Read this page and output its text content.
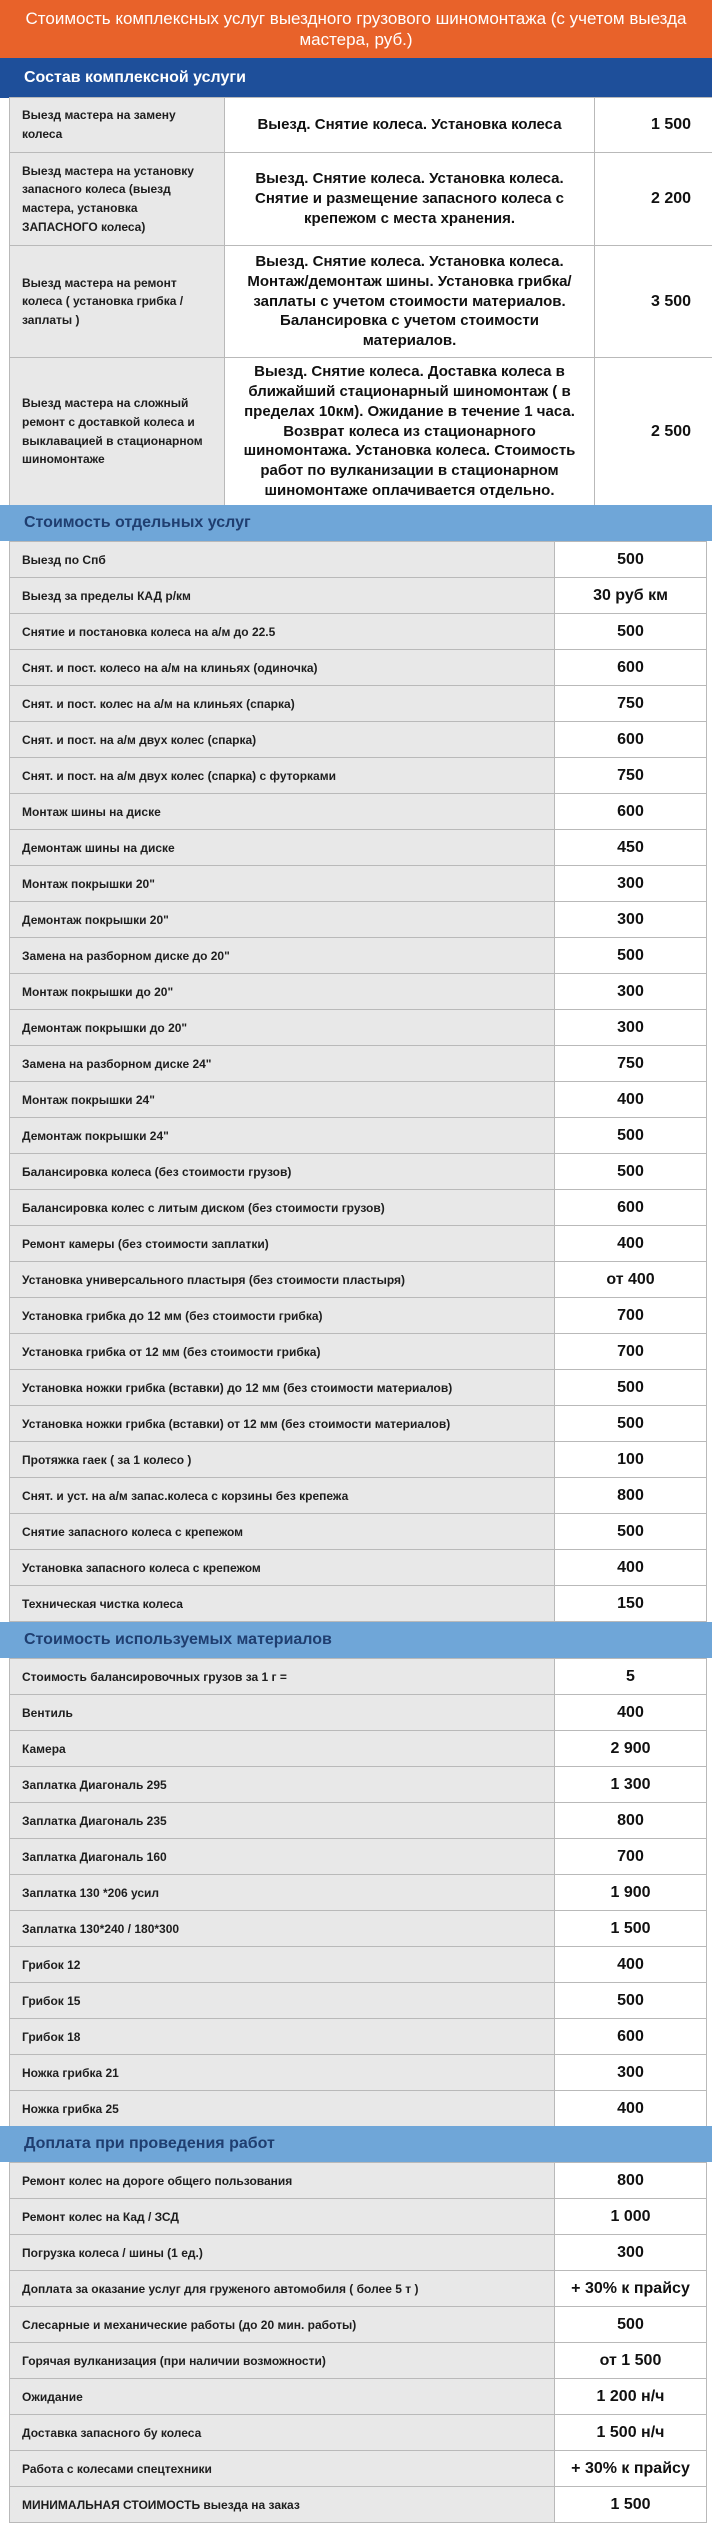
Стоимость комплексных услуг выездного грузового шиномонтажа (с учетом выезда мастера, руб.)
Состав комплексной услуги
Выезд мастера на замену колеса	Выезд. Снятие колеса. Установка колеса	1 500
Выезд мастера на установку запасного колеса (выезд мастера, установка ЗАПАСНОГО колеса)	Выезд. Снятие колеса. Установка колеса. Снятие и размещение запасного колеса с крепежом с места хранения.	2 200
Выезд мастера на ремонт колеса ( установка грибка / заплаты )	Выезд. Снятие колеса. Установка колеса. Монтаж/демонтаж шины. Установка грибка/ заплаты с учетом стоимости материалов. Балансировка с учетом стоимости материалов.	3 500
Выезд мастера на сложный ремонт с доставкой колеса и выклавацией в стационарном шиномонтаже	Выезд. Снятие колеса. Доставка колеса в ближайший стационарный шиномонтаж ( в пределах 10км). Ожидание в течение 1 часа. Возврат колеса из стационарного шиномонтажа. Установка колеса. Стоимость работ по вулканизации в стационарном шиномонтаже оплачивается отдельно.	2 500
Стоимость отдельных услуг
Выезд по Спб	500
Выезд за пределы КАД р/км	30 руб км
Снятие и постановка колеса на а/м до 22.5	500
Снят. и пост. колесо на а/м на клиньях (одиночка)	600
Снят. и пост. колес на а/м на клиньях (спарка)	750
Снят. и пост. на а/м двух колес (спарка)	600
Снят. и пост. на а/м двух колес (спарка) с футорками	750
Монтаж шины на диске	600
Демонтаж шины на диске	450
Монтаж покрышки 20"	300
Демонтаж покрышки 20"	300
Замена на разборном диске до 20"	500
Монтаж покрышки до 20"	300
Демонтаж покрышки до 20"	300
Замена на разборном диске 24"	750
Монтаж покрышки 24"	400
Демонтаж покрышки 24"	500
Балансировка колеса (без стоимости грузов)	500
Балансировка колес с литым диском (без стоимости грузов)	600
Ремонт камеры (без стоимости заплатки)	400
Установка универсального пластыря (без стоимости пластыря)	от 400
Установка грибка до 12 мм (без стоимости грибка)	700
Установка грибка от 12 мм (без стоимости грибка)	700
Установка ножки грибка (вставки) до 12 мм (без стоимости материалов)	500
Установка ножки грибка (вставки) от 12 мм (без стоимости материалов)	500
Протяжка гаек ( за 1 колесо )	100
Снят. и уст. на а/м запас.колеса с корзины без крепежа	800
Снятие запасного колеса с крепежом	500
Установка запасного колеса с крепежом	400
Техническая чистка колеса	150
Стоимость используемых материалов
Стоимость балансировочных грузов за 1 г =	5
Вентиль	400
Камера	2 900
Заплатка Диагональ 295	1 300
Заплатка Диагональ 235	800
Заплатка Диагональ 160	700
Заплатка 130 *206 усил	1 900
Заплатка 130*240 / 180*300	1 500
Грибок 12	400
Грибок 15	500
Грибок 18	600
Ножка грибка 21	300
Ножка грибка 25	400
Доплата при проведения работ
Ремонт колес на дороге общего пользования	800
Ремонт колес на Кад / ЗСД	1 000
Погрузка колеса / шины (1 ед.)	300
Доплата за оказание услуг для груженого автомобиля ( более 5 т )	+ 30% к прайсу
Слесарные и механические работы (до 20 мин. работы)	500
Горячая вулканизация (при наличии возможности)	от 1 500
Ожидание	1 200 н/ч
Доставка запасного бу колеса	1 500 н/ч
Работа с колесами спецтехники	+ 30% к прайсу
МИНИМАЛЬНАЯ СТОИМОСТЬ выезда на заказ	1 500
